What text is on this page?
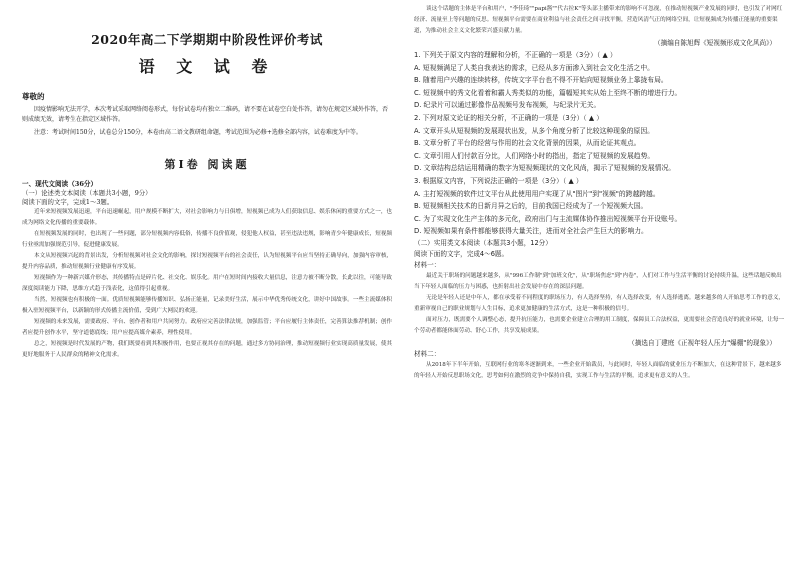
2020年高二下学期期中阶段性评价考试
语 文 试 卷
尊敬的
因疫情影响无法开学，本次考试采取网络阅卷形式，每份试卷均有独立二维码，请不要在试卷空白处作答，请勿在规定区域外作答，否则成绩无效，请考生在指定区域作答。
注意：考试时间150分，试卷总分150分，本卷由高二语文教研组命题，考试范围为必修+选修全部内容，试卷难度为中等。
第Ⅰ卷 阅读题
一、现代文阅读（36分）
（一）论述类文本阅读（本题共3小题，9分）
阅读下面的文字，完成1～3题。
近年来短视频发展迅速，平台迅速崛起，用户规模不断扩大，对社会影响力与日俱增，短视频已成为人们获取信息、娱乐休闲的重要方式之一，也成为网络文化传播的重要载体。
在短视频发展的同时，也出现了一些问题，部分短视频内容低俗，传播不良价值观，侵犯他人权益，甚至违法违规，影响青少年健康成长，短视频行业亟需加强规范引导，促进健康发展。
本文从短视频兴起的背景出发，分析短视频对社会文化的影响，探讨短视频平台的社会责任，认为短视频平台应当坚持正确导向，加强内容审核，提升内容品质，推动短视频行业健康有序发展。
短视频作为一种新兴媒介形态，其传播特点是碎片化、社交化、娱乐化。用户在短时间内接收大量信息，注意力被不断分散，长此以往，可能导致深度阅读能力下降，思维方式趋于浅表化，这值得引起重视。
当然，短视频也有积极的一面。优质短视频能够传播知识、弘扬正能量，记录美好生活，展示中华优秀传统文化，讲好中国故事。一些主流媒体积极入驻短视频平台，以新颖的形式传播主流价值，受到广大网民的欢迎。
短视频的未来发展，需要政府、平台、创作者和用户共同努力。政府应完善法律法规，加强监管；平台应履行主体责任，完善算法推荐机制；创作者应提升创作水平，坚守道德底线；用户应提高媒介素养，理性使用。
总之，短视频是时代发展的产物，我们既要看到其积极作用，也要正视其存在的问题，通过多方协同治理，推动短视频行业实现高质量发展，使其更好地服务于人民群众的精神文化需求。
谈这个话题的主体是平台和用户，"李佳琦""papi酱""代古拉K"等头部主播带来的影响不可忽视，在推动短视频产业发展的同时，也引发了对网红经济、流量至上等问题的反思。短视频平台需要在商业利益与社会责任之间寻找平衡，营造风清气正的网络空间，让短视频成为传播正能量的重要渠道，为推动社会主义文化繁荣兴盛贡献力量。
（摘编自陈旭辉《短视频形成文化风尚》）
1. 下列关于原文内容的理解和分析，不正确的一项是（3分）（ ▲ ）
A. 短视频满足了人类自我表达的需求，已经从多方面渗入到社会文化生活之中。
B. 随着用户兴趣的连续转移，传统文字平台也不得不开始向短视频业务上靠拢布局。
C. 短视频中的秀文化看着和霸人秀类似的功能，篇幅短其实从始上至终不断的增进行力。
D. 纪录片可以通过影像作品视频号发布视频，与纪录片无关。
2. 下列对原文论证的相关分析，不正确的一项是（3分）（ ▲ ）
A. 文章开头从短视频的发展现状出发，从多个角度分析了比较这种现象的原因。
B. 文章分析了平台的经营与作用的社会文化背景的因果，从而论证其观点。
C. 文章引用人们付款百分比，人们网络小时的指出，指定了短视频的发展趋势。
D. 文章结构总结运用精确的数字为短视频现状的文化风尚，揭示了短视频的发展情况。
3. 根据原文内容，下列说法正确的一项是（3分）（ ▲ ）
A. 主打短视频的软件过文平台从此使用用户实现了从"图片"到"视频"的跨越跨越。
B. 短视频相关技术的日新月异之后的，目前我国已经成为了一个短视频大国。
C. 为了实现文化生产主体的多元化，政府出门与主流媒体协作推出短视频平台开设账号。
D. 短视频如果有条件都能够获得大量关注，进而对全社会产生巨大的影响力。
（二）实用类文本阅读（本题共3小题，12分）
阅读下面的文字，完成4～6题。
材料一：
最近关于职场的问题越来越多，从"996工作制"到"加班文化"，从"职场焦虑"到"内卷"，人们对工作与生活平衡的讨论持续升温，这些话题反映出当下年轻人面临的压力与困惑，也折射出社会发展中存在的深层问题。
无论是年轻人还是中年人，都在承受着不同程度的职场压力，有人选择坚持，有人选择改变，有人选择逃离。越来越多的人开始思考工作的意义，重新审视自己的职业规划与人生目标，追求更加健康的生活方式，这是一种积极的信号。
面对压力，既需要个人调整心态，提升抗压能力，也需要企业建立合理的用工制度，保障员工合法权益，更需要社会营造良好的就业环境，让每一个劳动者都能体面劳动、舒心工作，共享发展成果。
（摘选自丁建庭《正视年轻人压力"爆棚"的现象》）
材料二：
从2018年下半年开始，互联网行业的寒冬逐渐到来，一些企业开始裁员，与此同时，年轻人面临的就业压力不断加大，在这种背景下，越来越多的年轻人开始反思职场文化，思考如何在激烈的竞争中保持自我，实现工作与生活的平衡，追求更有意义的人生。
